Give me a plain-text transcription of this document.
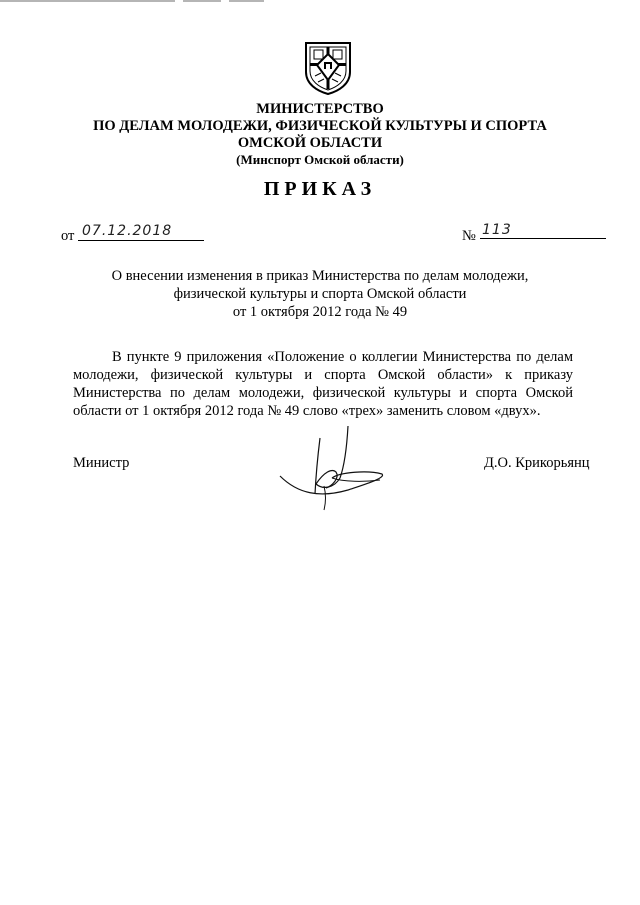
МИНИСТЕРСТВО
ПО ДЕЛАМ МОЛОДЕЖИ, ФИЗИЧЕСКОЙ КУЛЬТУРЫ И СПОРТА
ОМСКОЙ ОБЛАСТИ
(Минспорт Омской области)
ПРИКАЗ
от 07.12.2018	№ 113
О внесении изменения в приказ Министерства по делам молодежи,
физической культуры и спорта Омской области
от 1 октября 2012 года № 49
В пункте 9 приложения «Положение о коллегии Министерства по делам молодежи, физической культуры и спорта Омской области» к приказу Министерства по делам молодежи, физической культуры и спорта Омской области от 1 октября 2012 года № 49 слово «трех» заменить словом «двух».
Министр	Д.О. Крикорьянц
